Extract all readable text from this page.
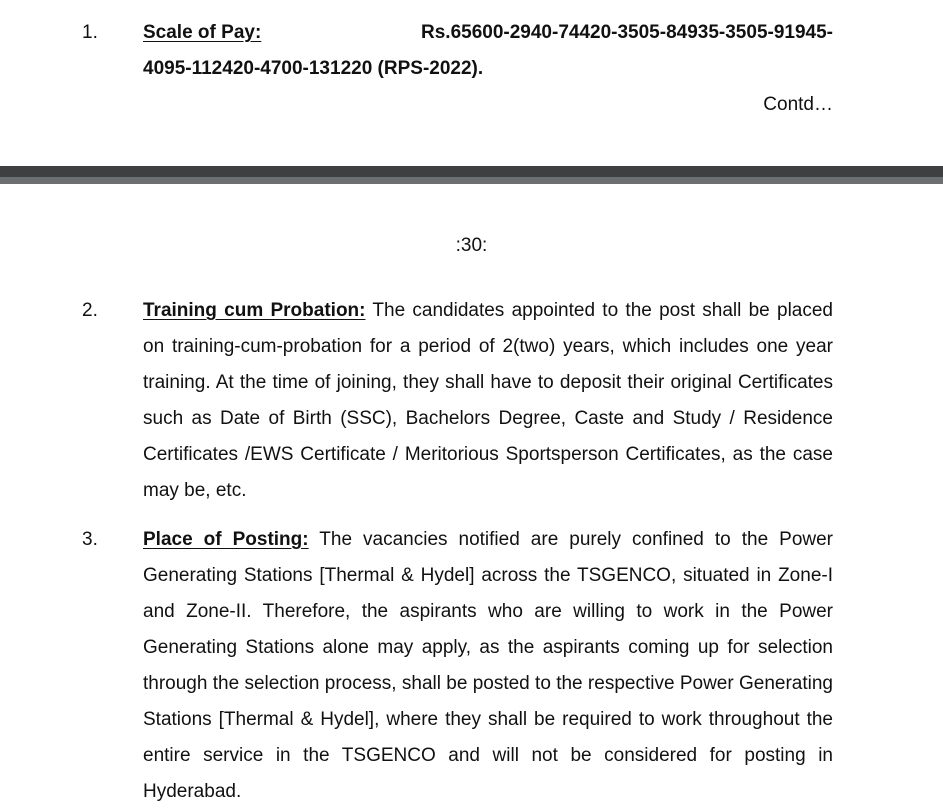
1. Scale of Pay:	Rs.65600-2940-74420-3505-84935-3505-91945-
4095-112420-4700-131220 (RPS-2022).
Contd…
:30:
2. Training cum Probation: The candidates appointed to the post shall be placed on training-cum-probation for a period of 2(two) years, which includes one year training. At the time of joining, they shall have to deposit their original Certificates such as Date of Birth (SSC), Bachelors Degree, Caste and Study / Residence Certificates /EWS Certificate / Meritorious Sportsperson Certificates, as the case may be, etc.
3. Place of Posting: The vacancies notified are purely confined to the Power Generating Stations [Thermal & Hydel] across the TSGENCO, situated in Zone-I and Zone-II. Therefore, the aspirants who are willing to work in the Power Generating Stations alone may apply, as the aspirants coming up for selection through the selection process, shall be posted to the respective Power Generating Stations [Thermal & Hydel], where they shall be required to work throughout the entire service in the TSGENCO and will not be considered for posting in Hyderabad.
